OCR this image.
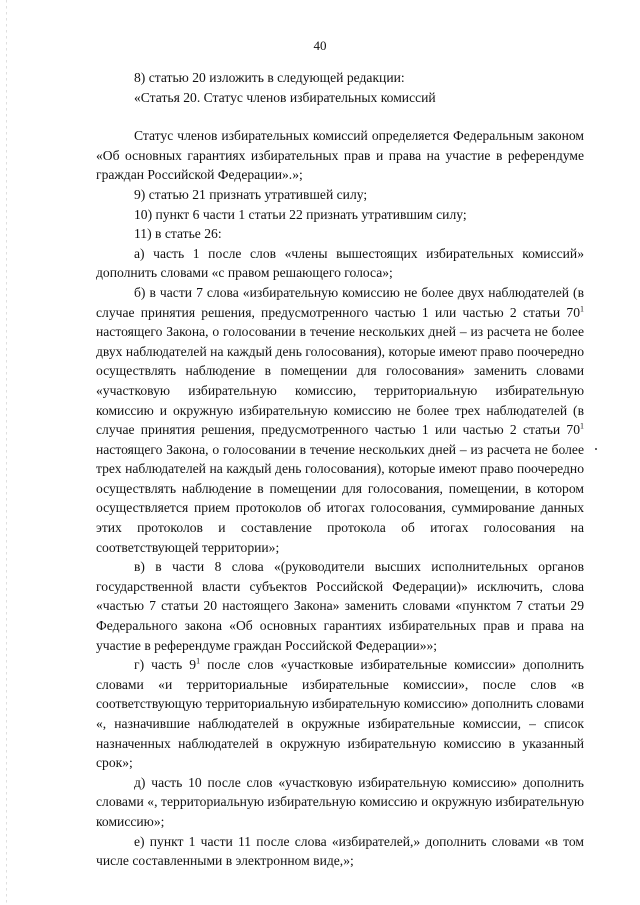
40

8) статью 20 изложить в следующей редакции:

«Статья 20. Статус членов избирательных комиссий

Статус членов избирательных комиссий определяется Федеральным законом «Об основных гарантиях избирательных прав и права на участие в референдуме граждан Российской Федерации».»;

9) статью 21 признать утратившей силу;

10) пункт 6 части 1 статьи 22 признать утратившим силу;

11) в статье 26:

а) часть 1 после слов «члены вышестоящих избирательных комиссий» дополнить словами «с правом решающего голоса»;

б) в части 7 слова «избирательную комиссию не более двух наблюдателей (в случае принятия решения, предусмотренного частью 1 или частью 2 статьи $70^1$ настоящего Закона, о голосовании в течение нескольких дней – из расчета не более двух наблюдателей на каждый день голосования), которые имеют право поочередно осуществлять наблюдение в помещении для голосования» заменить словами «участковую избирательную комиссию, территориальную избирательную комиссию и окружную избирательную комиссию не более трех наблюдателей (в случае принятия решения, предусмотренного частью 1 или частью 2 статьи $70^1$ настоящего Закона, о голосовании в течение нескольких дней – из расчета не более трех наблюдателей на каждый день голосования), которые имеют право поочередно осуществлять наблюдение в помещении для голосования, помещении, в котором осуществляется прием протоколов об итогах голосования, суммирование данных этих протоколов и составление протокола об итогах голосования на соответствующей территории»;

в) в части 8 слова «(руководители высших исполнительных органов государственной власти субъектов Российской Федерации)» исключить, слова «частью 7 статьи 20 настоящего Закона» заменить словами «пунктом 7 статьи 29 Федерального закона «Об основных гарантиях избирательных прав и права на участие в референдуме граждан Российской Федерации»»;

г) часть $9^1$ после слов «участковые избирательные комиссии» дополнить словами «и территориальные избирательные комиссии», после слов «в соответствующую территориальную избирательную комиссию» дополнить словами «, назначившие наблюдателей в окружные избирательные комиссии, – список назначенных наблюдателей в окружную избирательную комиссию в указанный срок»;

д) часть 10 после слов «участковую избирательную комиссию» дополнить словами «, территориальную избирательную комиссию и окружную избирательную комиссию»;

е) пункт 1 части 11 после слова «избирателей,» дополнить словами «в том числе составленными в электронном виде,»;
